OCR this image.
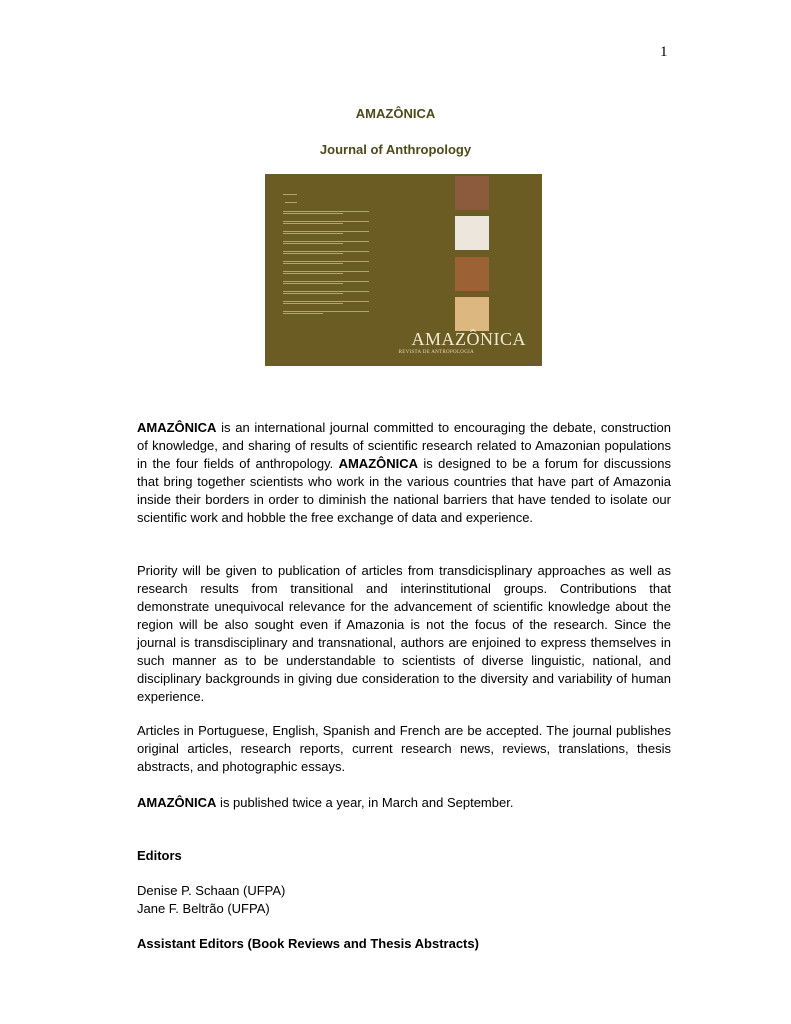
1
AMAZÔNICA
Journal of Anthropology
AMAZÔNICA
REVISTA DE ANTROPOLOGIA
AMAZÔNICA is an international journal committed to encouraging the debate, construction of knowledge, and sharing of results of scientific research related to Amazonian populations in the four fields of anthropology. AMAZÔNICA is designed to be a forum for discussions that bring together scientists who work in the various countries that have part of Amazonia inside their borders in order to diminish the national barriers that have tended to isolate our scientific work and hobble the free exchange of data and experience.
Priority will be given to publication of articles from transdicisplinary approaches as well as research results from transitional and interinstitutional groups. Contributions that demonstrate unequivocal relevance for the advancement of scientific knowledge about the region will be also sought even if Amazonia is not the focus of the research. Since the journal is transdisciplinary and transnational, authors are enjoined to express themselves in such manner as to be understandable to scientists of diverse linguistic, national, and disciplinary backgrounds in giving due consideration to the diversity and variability of human experience.
Articles in Portuguese, English, Spanish and French are be accepted. The journal publishes original articles, research reports, current research news, reviews, translations, thesis abstracts, and photographic essays.
AMAZÔNICA is published twice a year, in March and September.
Editors
Denise P. Schaan (UFPA)
Jane F. Beltrão (UFPA)
Assistant Editors (Book Reviews and Thesis Abstracts)
